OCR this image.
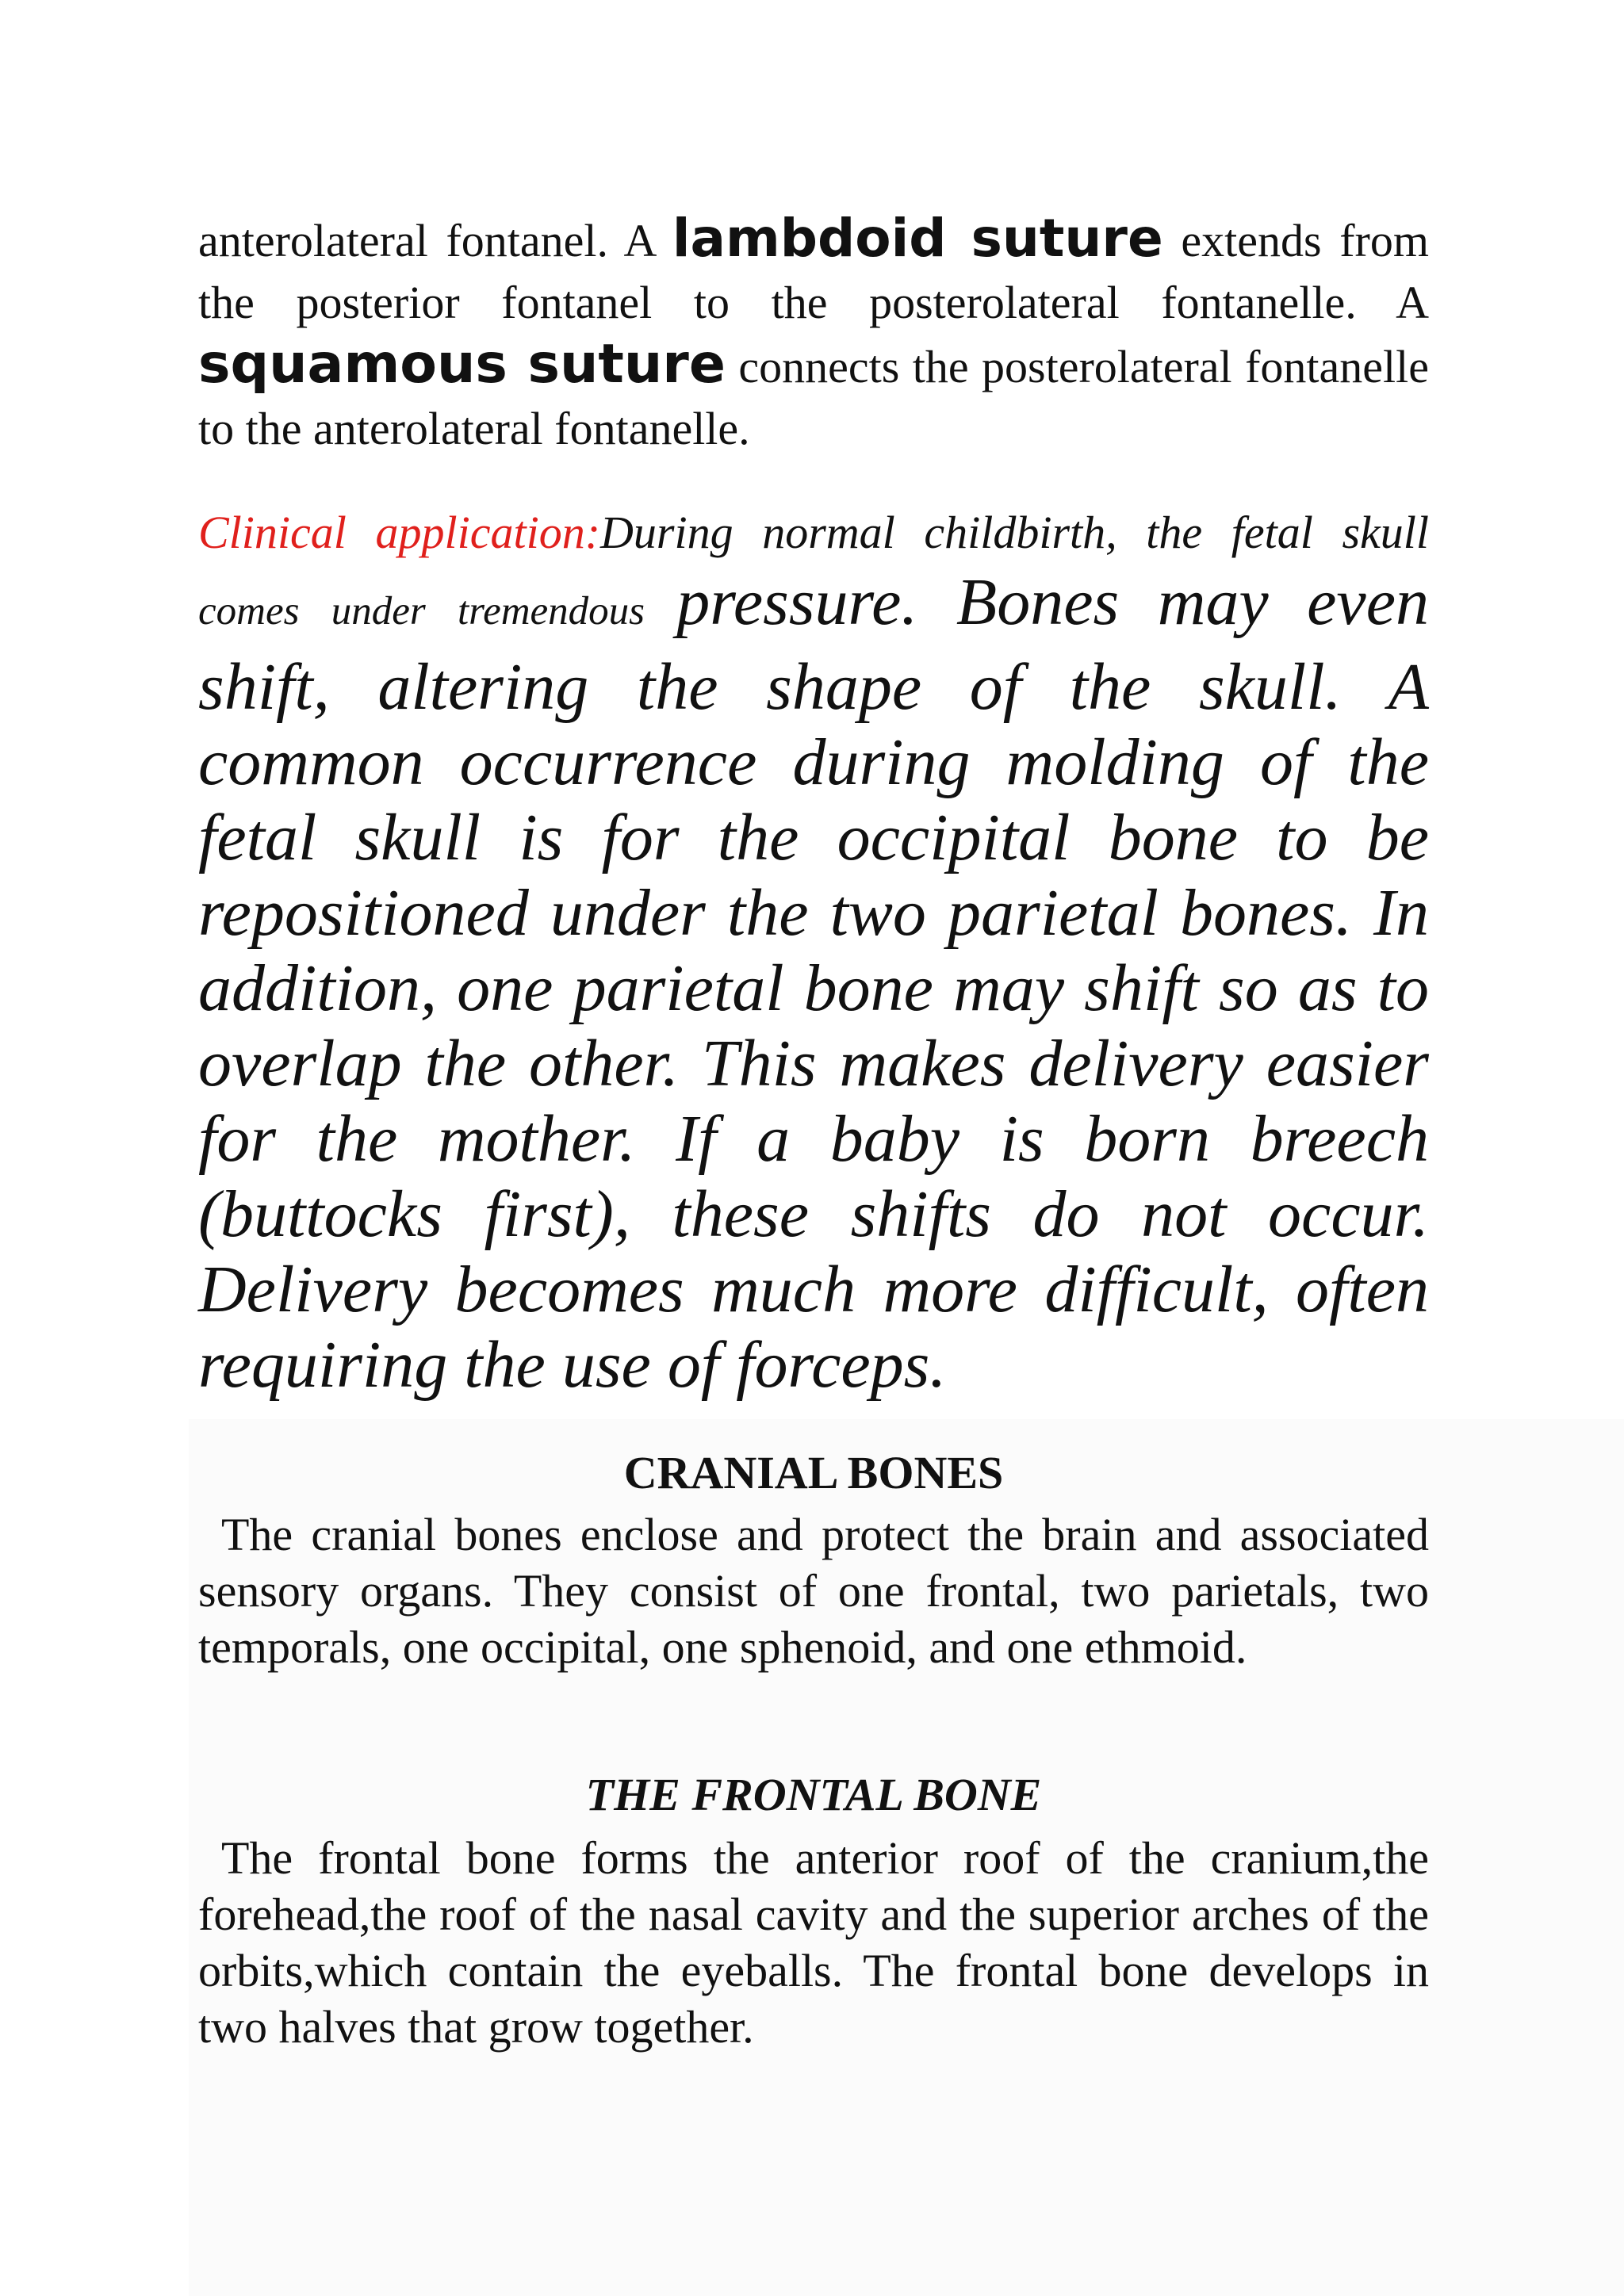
anterolateral fontanel. A lambdoid suture extends from the posterior fontanel to the posterolateral fontanelle. A squamous suture connects the posterolateral fontanelle to the anterolateral fontanelle.

Clinical application:During normal childbirth, the fetal skull
comes under tremendous pressure. Bones may even shift, altering the shape of the skull. A common occurrence during molding of the fetal skull is for the occipital bone to be repositioned under the two parietal bones. In addition, one parietal bone may shift so as to overlap the other. This makes delivery easier for the mother. If a baby is born breech (buttocks first), these shifts do not occur. Delivery becomes much more difficult, often requiring the use of forceps.

CRANIAL BONES

 The cranial bones enclose and protect the brain and associated sensory organs. They consist of one frontal, two parietals, two temporals, one occipital, one sphenoid, and one ethmoid.

THE FRONTAL BONE

 The frontal bone forms the anterior roof of the cranium,the forehead,the roof of the nasal cavity and the superior arches of the orbits,which contain the eyeballs. The frontal bone develops in two halves that grow together.
